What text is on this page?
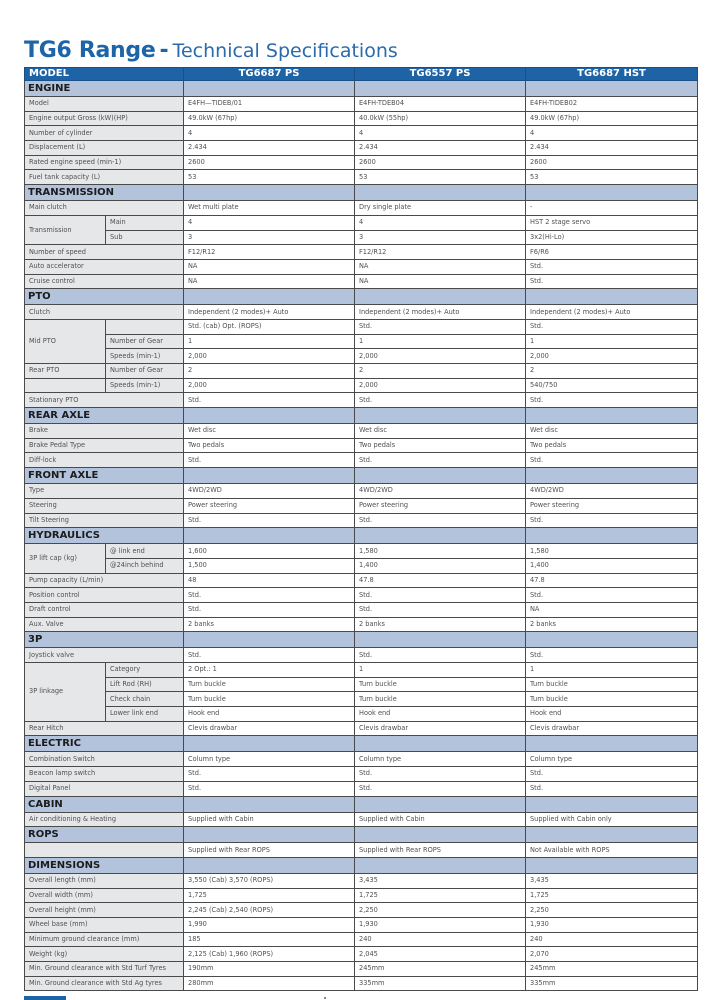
TG6 Range - Technical Specifications
MODEL		TG6687 PS	TG6557 PS	TG6687 HST
ENGINE				
Model		E4FH—TIDEB/01	E4FH-TDEB04	E4FH-TIDEB02
Engine output Gross (kW)(HP)		49.0kW (67hp)	40.0kW (55hp)	49.0kW (67hp)
Number of cylinder		4	4	4
Displacement (L)		2.434	2.434	2.434
Rated engine speed (min-1)		2600	2600	2600
Fuel tank capacity (L)		53	53	53
TRANSMISSION				
Main clutch		Wet multi plate	Dry single plate	-
Transmission	Main	4	4	HST 2 stage servo
	Sub	3	3	3x2(Hi-Lo)
Number of speed		F12/R12	F12/R12	F6/R6
Auto accelerator		NA	NA	Std.
Cruise control		NA	NA	Std.
PTO				
Clutch		Independent (2 modes)+ Auto	Independent (2 modes)+ Auto	Independent (2 modes)+ Auto
Mid PTO		Std. (cab) Opt. (ROPS)	Std.	Std.
	Number of Gear	1	1	1
	Speeds (min-1)	2,000	2,000	2,000
Rear PTO	Number of Gear	2	2	2
	Speeds (min-1)	2,000	2,000	540/750
Stationary PTO		Std.	Std.	Std.
REAR AXLE				
Brake		Wet disc	Wet disc	Wet disc
Brake Pedal Type		Two pedals	Two pedals	Two pedals
Diff-lock		Std.	Std.	Std.
FRONT AXLE				
Type		4WD/2WD	4WD/2WD	4WD/2WD
Steering		Power steering	Power steering	Power steering
Tilt Steering		Std.	Std.	Std.
HYDRAULICS				
3P lift cap (kg)	@ link end	1,600	1,580	1,580
	@24inch behind	1,500	1,400	1,400
Pump capacity (L/min)		48	47.8	47.8
Position control		Std.	Std.	Std.
Draft control		Std.	Std.	NA
Aux. Valve		2 banks	2 banks	2 banks
3P				
Joystick valve		Std.	Std.	Std.
3P linkage	Category	2 Opt.: 1	1	1
	Lift Rod (RH)	Turn buckle	Turn buckle	Turn buckle
	Check chain	Turn buckle	Turn buckle	Turn buckle
	Lower link end	Hook end	Hook end	Hook end
Rear Hitch		Clevis drawbar	Clevis drawbar	Clevis drawbar
ELECTRIC				
Combination Switch		Column type	Column type	Column type
Beacon lamp switch		Std.	Std.	Std.
Digital Panel		Std.	Std.	Std.
CABIN				
Air conditioning & Heating		Supplied with Cabin	Supplied with Cabin	Supplied with Cabin only
ROPS				
		Supplied with Rear ROPS	Supplied with Rear ROPS	Not Available with ROPS
DIMENSIONS				
Overall length (mm)		3,550 (Cab) 3,570 (ROPS)	3,435	3,435
Overall width (mm)		1,725	1,725	1,725
Overall height (mm)		2,245 (Cab) 2,540 (ROPS)	2,250	2,250
Wheel base (mm)		1,990	1,930	1,930
Minimum ground clearance (mm)		185	240	240
Weight (kg)		2,125 (Cab) 1,960 (ROPS)	2,045	2,070
Min. Ground clearance with Std Turf Tyres		190mm	245mm	245mm
Min. Ground clearance with Std Ag tyres		280mm	335mm	335mm
